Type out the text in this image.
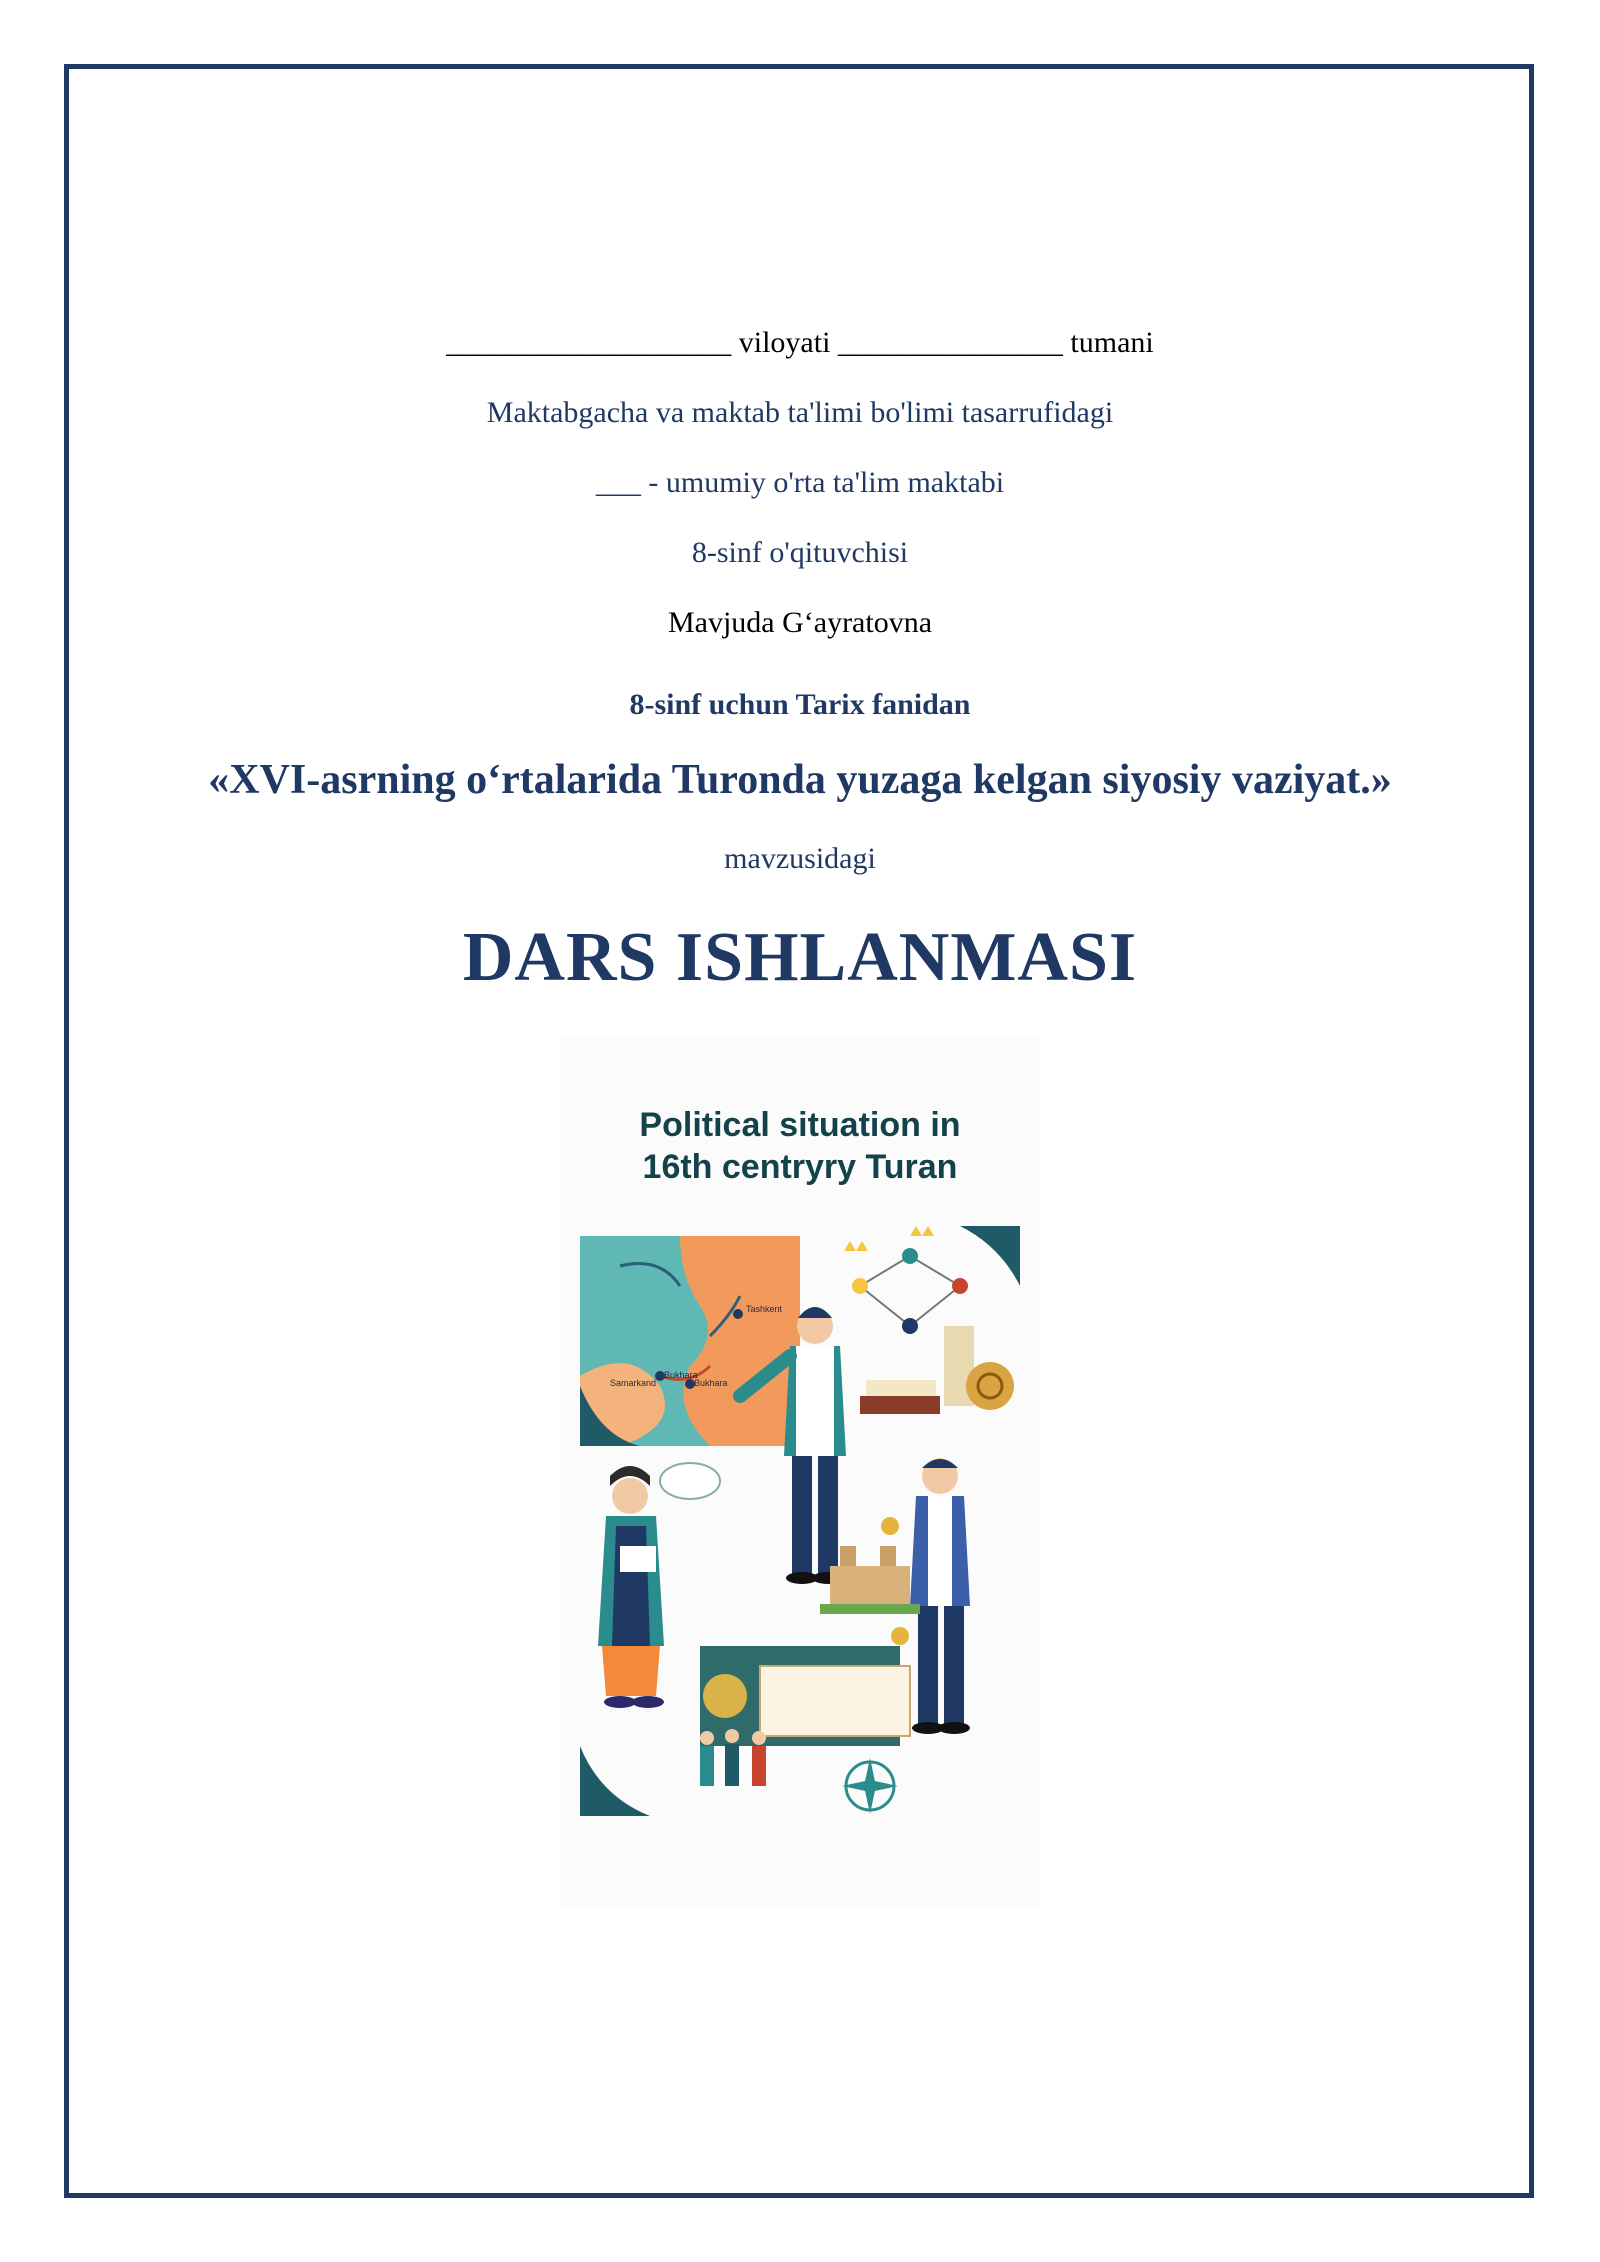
___________________ viloyati _______________ tumani
Maktabgacha va maktab ta'limi bo'limi tasarrufidagi
___ - umumiy o'rta ta'lim maktabi
8-sinf o'qituvchisi
Mavjuda G‘ayratovna
8-sinf uchun Tarix fanidan
«XVI-asrning o‘rtalarida Turonda yuzaga kelgan siyosiy vaziyat.»
mavzusidagi
DARS ISHLANMASI
Political situation in
16th centryry Turan
Tashkent
Samarkand
Bukhara
Bukhara
